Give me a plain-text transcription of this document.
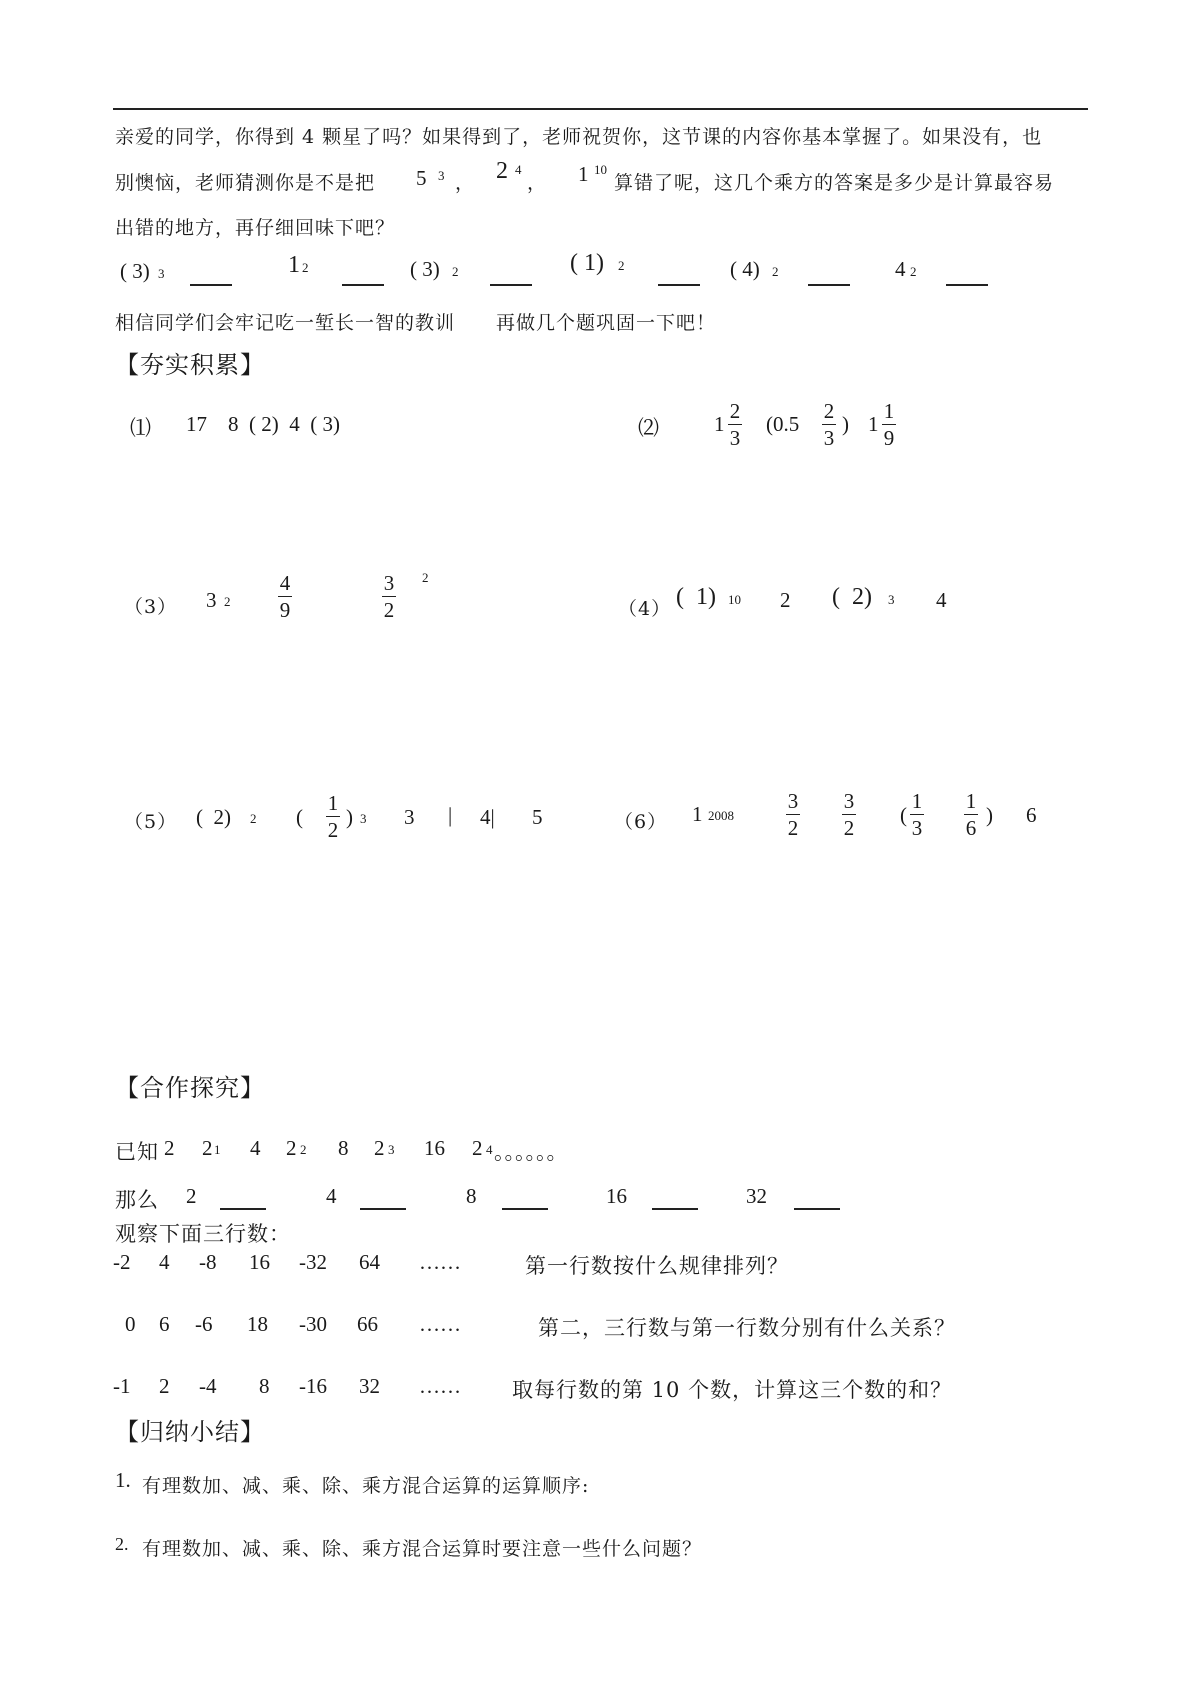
亲爱的同学，你得到 4 颗星了吗？如果得到了，老师祝贺你，这节课的内容你基本掌握了。如果没有，也
别懊恼，老师猜测你是不是把 5 3 ， 2 4
， 1 10
算错了呢，这几个乘方的答案是多少是计算最容易
出错的地方，再仔细回味下吧？
( 3) 3	1 2	( 3) 2	( 1) 2	( 4) 2	4 2
相信同学们会牢记吃一堑长一智的教训 再做几个题巩固一下吧！
【夯实积累】
⑴ 17    8  ( 2)  4  ( 3)	⑵	1
2
3
(0.5
2
3
) 1
1
9
（3） 3 2
4
9
3
2
2
（4） (  1) 10 2 (  2) 3 4
（5） (  2) 2 (
1
2
) 3 3 | 4| 5	（6） 1 2008
3
2
3
2
(
1
3
1
6
) 6
【合作探究】
已知 2 2 1 4 2 2 8 2 3 16 2 4 。。。。。。
那么 2	4	8	16	32
观察下面三行数：
-2 4 -8 16 -32 64 ……	第一行数按什么规律排列？
0 6 -6 18 -30 66 ……	第二，三行数与第一行数分别有什么关系？
-1 2 -4 8 -16 32 ……	取每行数的第 10 个数，计算这三个数的和？
【归纳小结】
1. 有理数加、减、乘、除、乘方混合运算的运算顺序:
2. 有理数加、减、乘、除、乘方混合运算时要注意一些什么问题？
